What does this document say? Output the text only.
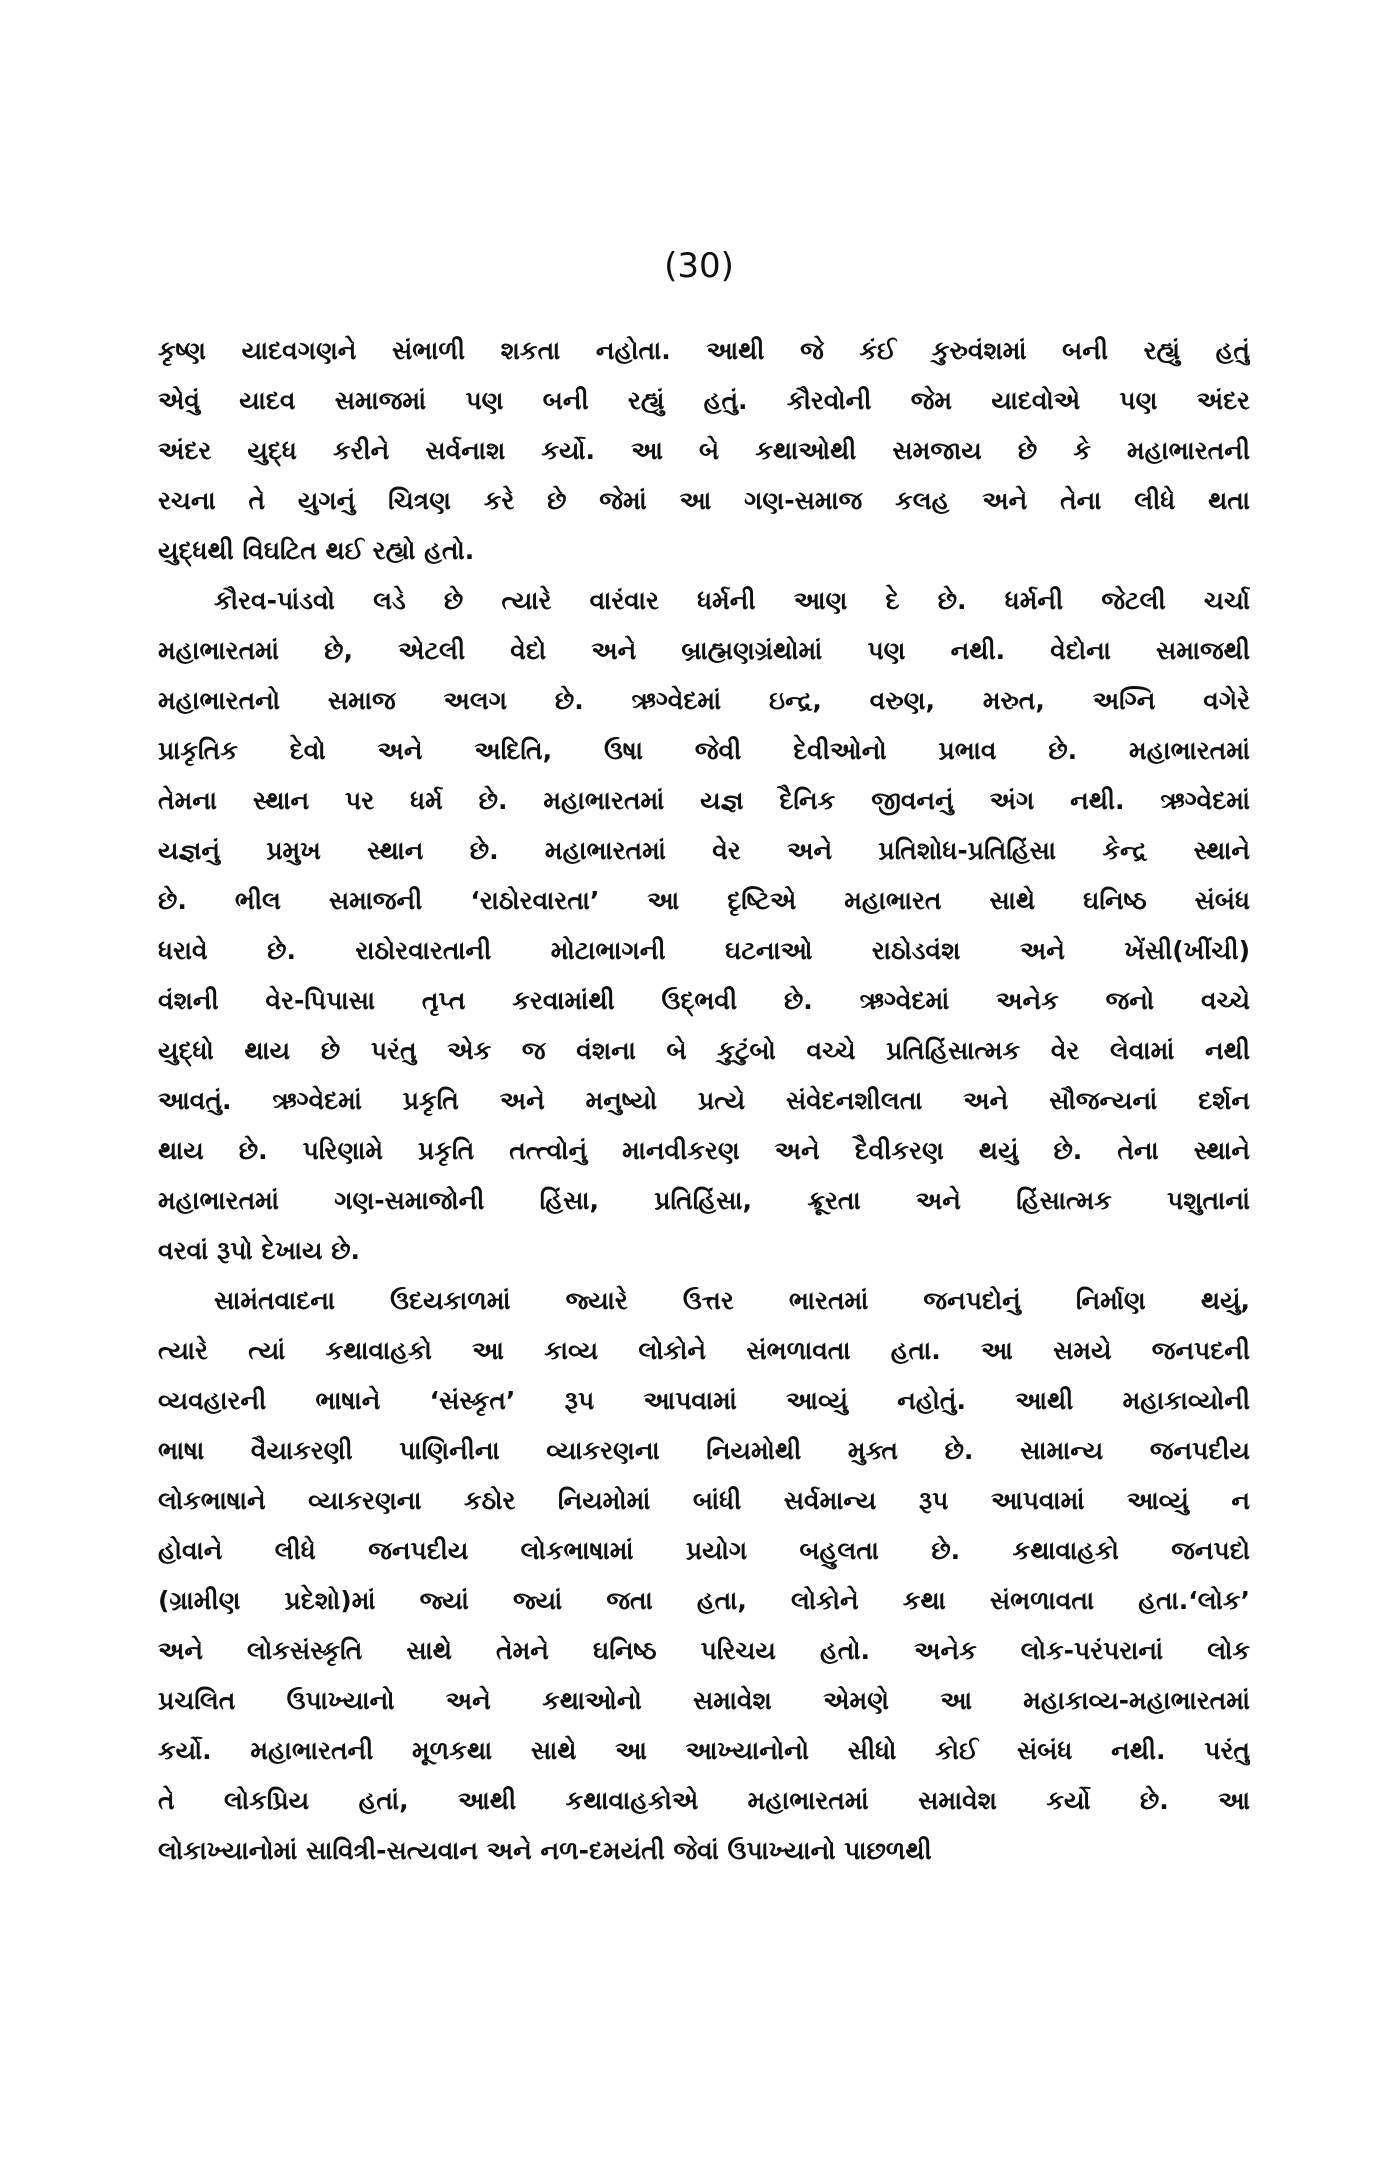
(30)
કૃષ્ણ યાદવગણને સંભાળી શકતા નહોતા. આથી જે કંઈ કુરુવંશમાં બની રહ્યું હતું
એવું યાદવ સમાજમાં પણ બની રહ્યું હતું. કૌરવોની જેમ યાદવોએ પણ અંદર
અંદર યુદ્ધ કરીને સર્વનાશ કર્યો. આ બે કથાઓથી સમજાય છે કે મહાભારતની
રચના તે યુગનું ચિત્રણ કરે છે જેમાં આ ગણ-સમાજ કલહ અને તેના લીધે થતા
યુદ્ધથી વિઘટિત થઈ રહ્યો હતો.
કૌરવ-પાંડવો લડે છે ત્યારે વારંવાર ધર્મની આણ દે છે. ધર્મની જેટલી ચર્ચા
મહાભારતમાં છે, એટલી વેદો અને બ્રાહ્મણગ્રંથોમાં પણ નથી. વેદોના સમાજથી
મહાભારતનો સમાજ અલગ છે. ઋગ્વેદમાં ઇન્દ્ર, વરુણ, મરુત, અગ્નિ વગેરે
પ્રાકૃતિક દેવો અને અદિતિ, ઉષા જેવી દેવીઓનો પ્રભાવ છે. મહાભારતમાં
તેમના સ્થાન પર ધર્મ છે. મહાભારતમાં યજ્ઞ દૈનિક જીવનનું અંગ નથી. ઋગ્વેદમાં
યજ્ઞનું પ્રમુખ સ્થાન છે. મહાભારતમાં વેર અને પ્રતિશોધ-પ્રતિહિંસા કેન્દ્ર સ્થાને
છે. ભીલ સમાજની ‘રાઠોરવારતા’ આ દૃષ્ટિએ મહાભારત સાથે ઘનિષ્ઠ સંબંધ
ધરાવે છે. રાઠોરવારતાની મોટાભાગની ઘટનાઓ રાઠોડવંશ અને ખેંસી(ખીંચી)
વંશની વેર-પિપાસા તૃપ્ત કરવામાંથી ઉદ્ભવી છે. ઋગ્વેદમાં અનેક જનો વચ્ચે
યુદ્ધો થાય છે પરંતુ એક જ વંશના બે કુટુંબો વચ્ચે પ્રતિહિંસાત્મક વેર લેવામાં નથી
આવતું. ઋગ્વેદમાં પ્રકૃતિ અને મનુષ્યો પ્રત્યે સંવેદનશીલતા અને સૌજન્યનાં દર્શન
થાય છે. પરિણામે પ્રકૃતિ તત્ત્વોનું માનવીકરણ અને દૈવીકરણ થયું છે. તેના સ્થાને
મહાભારતમાં ગણ-સમાજોની હિંસા, પ્રતિહિંસા, ક્રૂરતા અને હિંસાત્મક પશુતાનાં
વરવાં રૂપો દેખાય છે.
સામંતવાદના ઉદયકાળમાં જ્યારે ઉત્તર ભારતમાં જનપદોનું નિર્માણ થયું,
ત્યારે ત્યાં કથાવાહકો આ કાવ્ય લોકોને સંભળાવતા હતા. આ સમયે જનપદની
વ્યવહારની ભાષાને ‘સંસ્કૃત’ રૂપ આપવામાં આવ્યું નહોતું. આથી મહાકાવ્યોની
ભાષા વૈયાકરણી પાણિનીના વ્યાકરણના નિયમોથી મુક્ત છે. સામાન્ય જનપદીય
લોકભાષાને વ્યાકરણના કઠોર નિયમોમાં બાંધી સર્વમાન્ય રૂપ આપવામાં આવ્યું ન
હોવાને લીધે જનપદીય લોકભાષામાં પ્રયોગ બહુલતા છે. કથાવાહકો જનપદો
(ગ્રામીણ પ્રદેશો)માં જ્યાં જ્યાં જતા હતા, લોકોને કથા સંભળાવતા હતા.‘લોક’
અને લોકસંસ્કૃતિ સાથે તેમને ઘનિષ્ઠ પરિચય હતો. અનેક લોક-પરંપરાનાં લોક
પ્રચલિત ઉપાખ્યાનો અને કથાઓનો સમાવેશ એમણે આ મહાકાવ્ય-મહાભારતમાં
કર્યો. મહાભારતની મૂળકથા સાથે આ આખ્યાનોનો સીધો કોઈ સંબંધ નથી. પરંતુ
તે લોકપ્રિય હતાં, આથી કથાવાહકોએ મહાભારતમાં સમાવેશ કર્યો છે. આ
લોકાખ્યાનોમાં સાવિત્રી-સત્યવાન અને નળ-દમયંતી જેવાં ઉપાખ્યાનો પાછળથી
